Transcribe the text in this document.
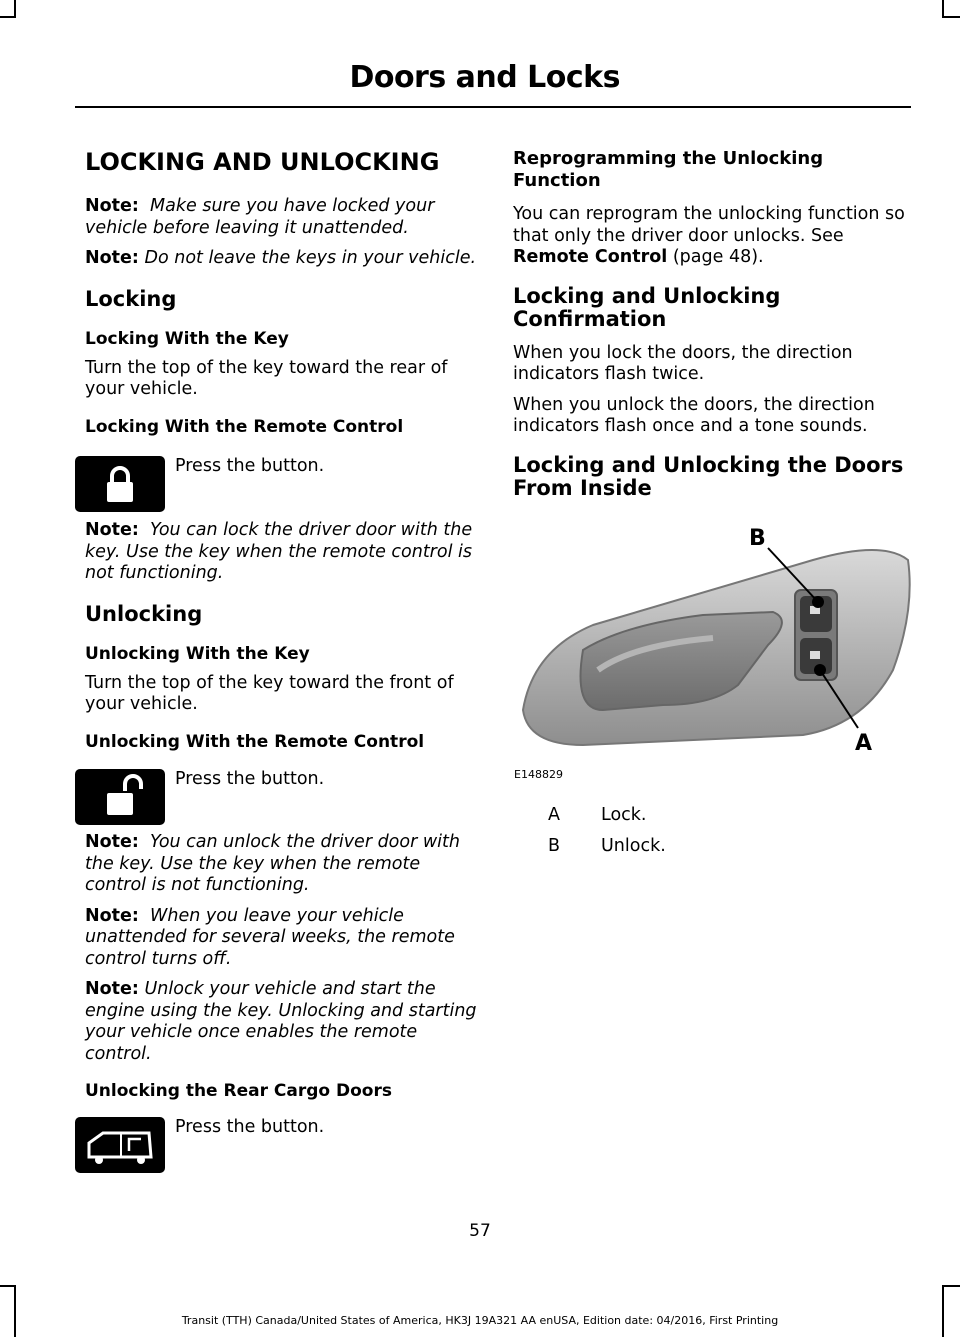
Doors and Locks
LOCKING AND UNLOCKING

Note: Make sure you have locked your vehicle before leaving it unattended.

Note: Do not leave the keys in your vehicle.

Locking
Locking With the Key

Turn the top of the key toward the rear of your vehicle.

Locking With the Remote Control

Press the button.

Note: You can lock the driver door with the key. Use the key when the remote control is not functioning.

Unlocking
Unlocking With the Key

Turn the top of the key toward the front of your vehicle.

Unlocking With the Remote Control

Press the button.

Note: You can unlock the driver door with the key. Use the key when the remote control is not functioning.

Note: When you leave your vehicle unattended for several weeks, the remote control turns off.

Note: Unlock your vehicle and start the engine using the key. Unlocking and starting your vehicle once enables the remote control.

Unlocking the Rear Cargo Doors

Press the button.

Reprogramming the Unlocking Function

You can reprogram the unlocking function so that only the driver door unlocks. See Remote Control (page 48).

Locking and Unlocking Confirmation

When you lock the doors, the direction indicators flash twice.

When you unlock the doors, the direction indicators flash once and a tone sounds.

Locking and Unlocking the Doors From Inside
B
A
E148829
A Lock.
B Unlock.
57
Transit (TTH) Canada/United States of America, HK3J 19A321 AA enUSA, Edition date: 04/2016, First Printing
